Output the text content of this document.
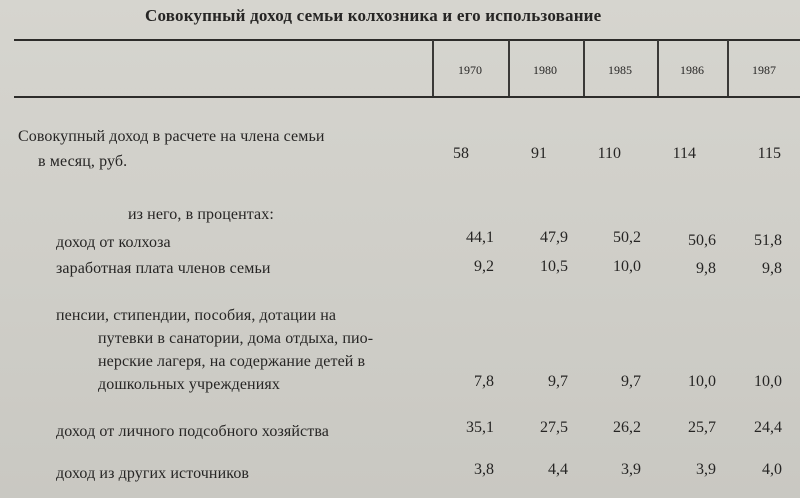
Совокупный доход семьи колхозника и его использование
1970	1980	1985	1986	1987
Совокупный доход в расчете на члена семьи
в месяц, руб.	58	91	110	114	115
из него, в процентах:
доход от колхоза	44,1	47,9	50,2	50,6	51,8
заработная плата членов семьи	9,2	10,5	10,0	9,8	9,8
пенсии, стипендии, пособия, дотации на
путевки в санатории, дома отдыха, пио-
нерские лагеря, на содержание детей в
дошкольных учреждениях	7,8	9,7	9,7	10,0	10,0
доход от личного подсобного хозяйства	35,1	27,5	26,2	25,7	24,4
доход из других источников	3,8	4,4	3,9	3,9	4,0
